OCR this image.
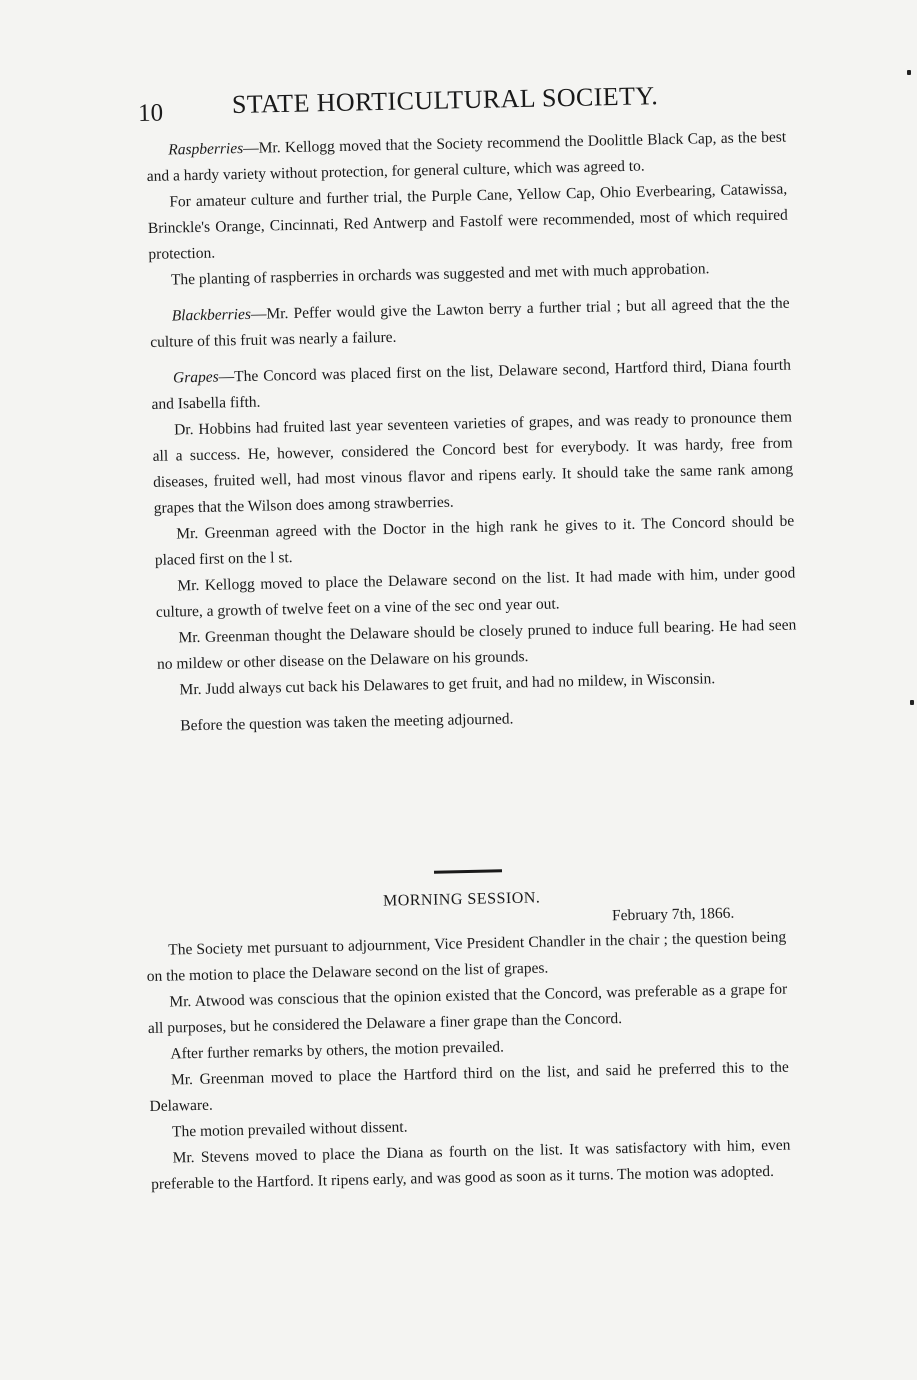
10	STATE HORTICULTURAL SOCIETY.

Raspberries—Mr. Kellogg moved that the Society recommend the Doolittle Black Cap, as the best and a hardy variety without protection, for general culture, which was agreed to.

For amateur culture and further trial, the Purple Cane, Yellow Cap, Ohio Everbearing, Catawissa, Brinckle's Orange, Cincinnati, Red Antwerp and Fastolf were recommended, most of which required protection.

The planting of raspberries in orchards was suggested and met with much approbation.

Blackberries—Mr. Peffer would give the Lawton berry a further trial ; but all agreed that the the culture of this fruit was nearly a failure.

Grapes—The Concord was placed first on the list, Delaware second, Hartford third, Diana fourth and Isabella fifth.

Dr. Hobbins had fruited last year seventeen varieties of grapes, and was ready to pronounce them all a success. He, however, considered the Concord best for everybody. It was hardy, free from diseases, fruited well, had most vinous flavor and ripens early. It should take the same rank among grapes that the Wilson does among strawberries.

Mr. Greenman agreed with the Doctor in the high rank he gives to it. The Concord should be placed first on the l st.

Mr. Kellogg moved to place the Delaware second on the list. It had made with him, under good culture, a growth of twelve feet on a vine of the sec ond year out.

Mr. Greenman thought the Delaware should be closely pruned to induce full bearing. He had seen no mildew or other disease on the Delaware on his grounds.

Mr. Judd always cut back his Delawares to get fruit, and had no mildew, in Wisconsin.

Before the question was taken the meeting adjourned.

MORNING SESSION.
February 7th, 1866.

The Society met pursuant to adjournment, Vice President Chandler in the chair ; the question being on the motion to place the Delaware second on the list of grapes.

Mr. Atwood was conscious that the opinion existed that the Concord, was preferable as a grape for all purposes, but he considered the Delaware a finer grape than the Concord.

After further remarks by others, the motion prevailed.

Mr. Greenman moved to place the Hartford third on the list, and said he preferred this to the Delaware.

The motion prevailed without dissent.

Mr. Stevens moved to place the Diana as fourth on the list. It was satisfactory with him, even preferable to the Hartford. It ripens early, and was good as soon as it turns. The motion was adopted.
